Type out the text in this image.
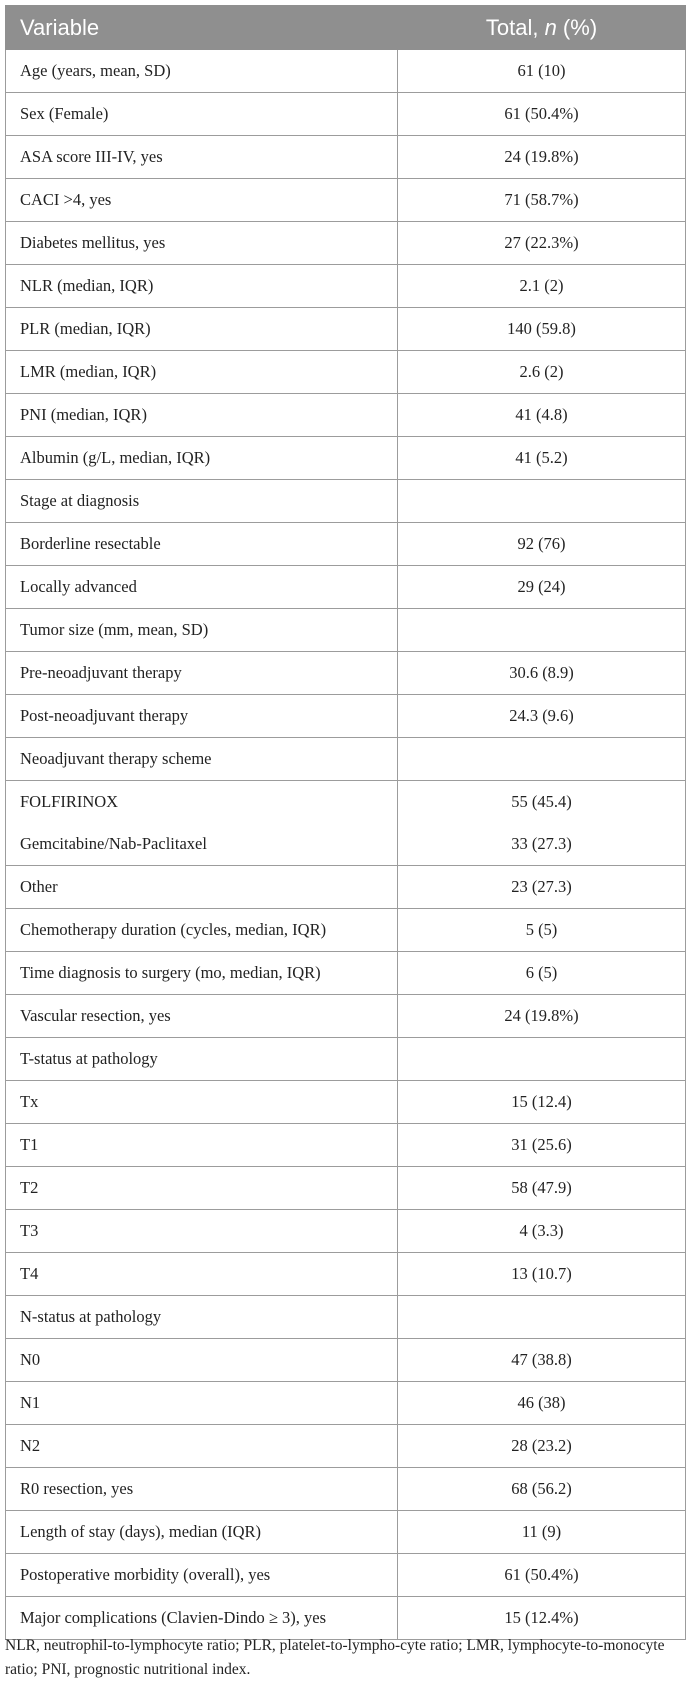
Variable	Total, n (%)
Age (years, mean, SD)	61 (10)
Sex (Female)	61 (50.4%)
ASA score III-IV, yes	24 (19.8%)
CACI >4, yes	71 (58.7%)
Diabetes mellitus, yes	27 (22.3%)
NLR (median, IQR)	2.1 (2)
PLR (median, IQR)	140 (59.8)
LMR (median, IQR)	2.6 (2)
PNI (median, IQR)	41 (4.8)
Albumin (g/L, median, IQR)	41 (5.2)
Stage at diagnosis	
Borderline resectable	92 (76)
Locally advanced	29 (24)
Tumor size (mm, mean, SD)	
Pre-neoadjuvant therapy	30.6 (8.9)
Post-neoadjuvant therapy	24.3 (9.6)
Neoadjuvant therapy scheme	
FOLFIRINOX	55 (45.4)
Gemcitabine/Nab-Paclitaxel	33 (27.3)
Other	23 (27.3)
Chemotherapy duration (cycles, median, IQR)	5 (5)
Time diagnosis to surgery (mo, median, IQR)	6 (5)
Vascular resection, yes	24 (19.8%)
T-status at pathology	
Tx	15 (12.4)
T1	31 (25.6)
T2	58 (47.9)
T3	4 (3.3)
T4	13 (10.7)
N-status at pathology	
N0	47 (38.8)
N1	46 (38)
N2	28 (23.2)
R0 resection, yes	68 (56.2)
Length of stay (days), median (IQR)	11 (9)
Postoperative morbidity (overall), yes	61 (50.4%)
Major complications (Clavien-Dindo ≥ 3), yes	15 (12.4%)
NLR, neutrophil-to-lymphocyte ratio; PLR, platelet-to-lympho-cyte ratio; LMR, lymphocyte-to-monocyte ratio; PNI, prognostic nutritional index.
